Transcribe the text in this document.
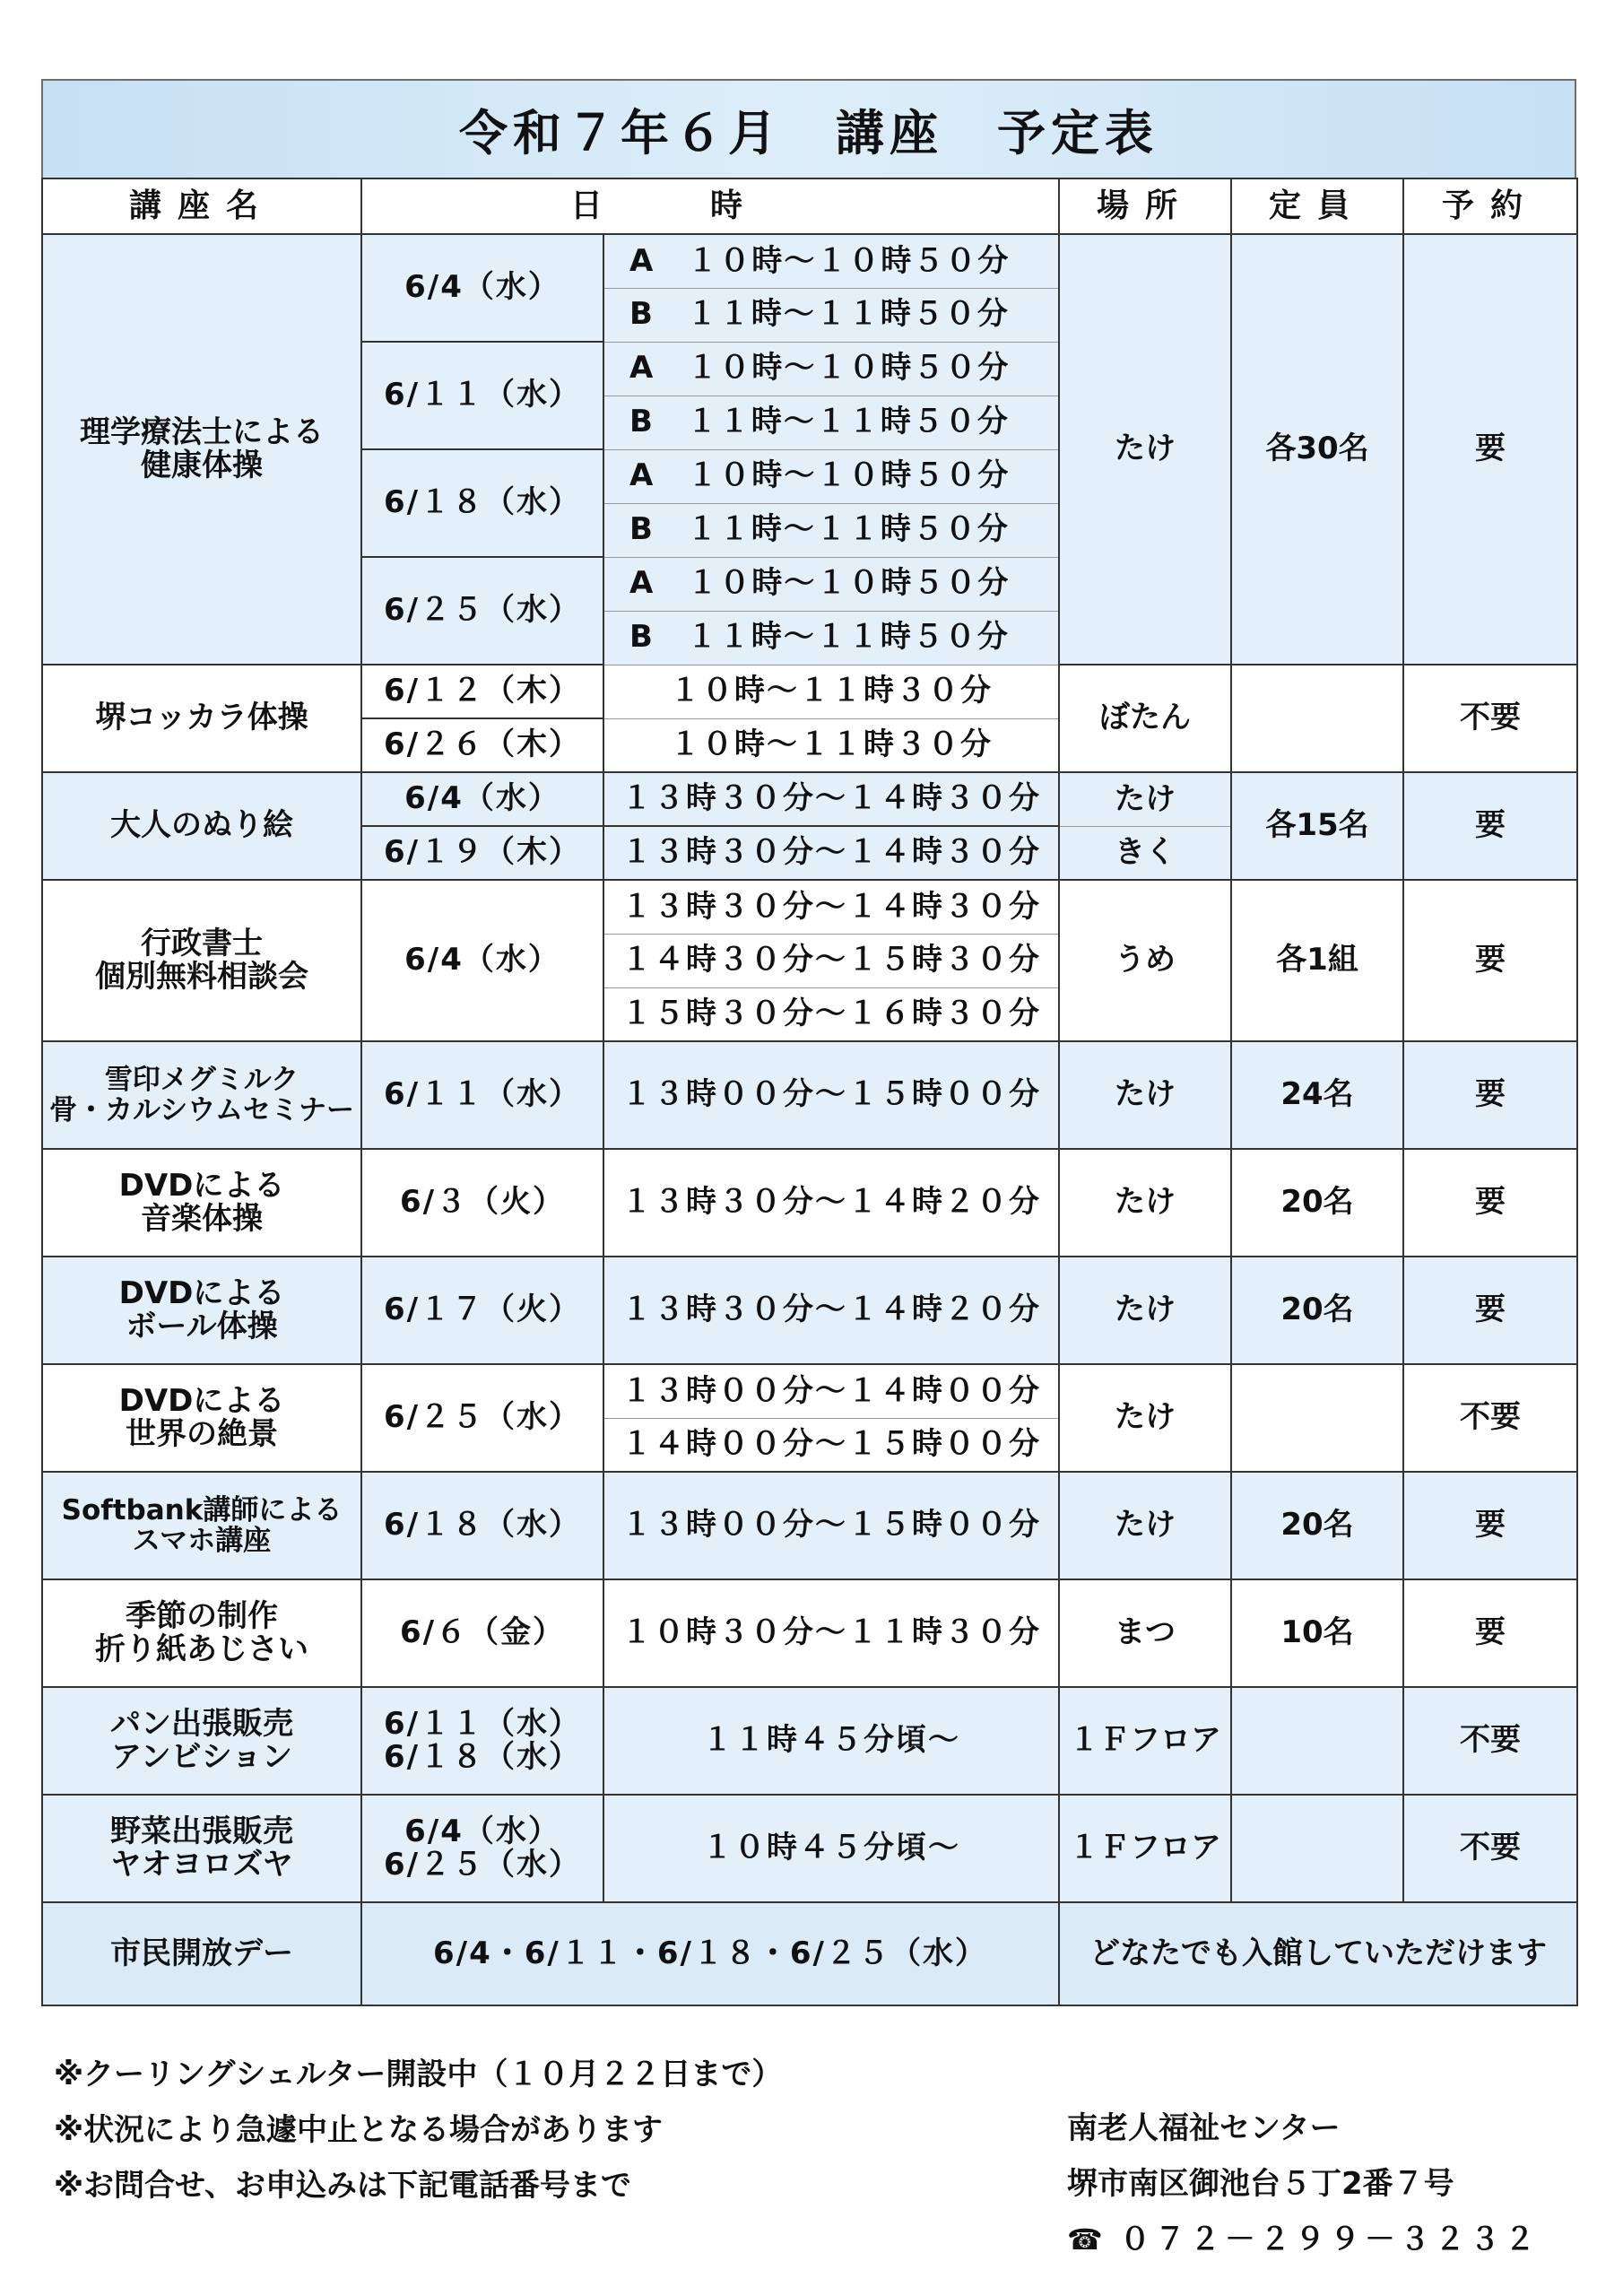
令和７年６月　講座　予定表
講座名	日時		場所	定員	予約

理学療法士による
健康体操	6/4（水）	A　１０時～１０時５０分	たけ	各30名	要
		B　１１時～１１時５０分			
	6/１１（水）	A　１０時～１０時５０分			
		B　１１時～１１時５０分			
	6/１８（水）	A　１０時～１０時５０分			
		B　１１時～１１時５０分			
	6/２５（水）	A　１０時～１０時５０分			
		B　１１時～１１時５０分			
堺コッカラ体操	6/１２（木）	１０時～１１時３０分	ぼたん		不要
	6/２６（木）	１０時～１１時３０分			
大人のぬり絵	6/4（水）	１３時３０分～１４時３０分	たけ	各15名	要
	6/１９（木）	１３時３０分～１４時３０分	きく		

行政書士
個別無料相談会	6/4（水）	１３時３０分～１４時３０分	うめ	各1組	要
		１４時３０分～１５時３０分			
		１５時３０分～１６時３０分			

雪印メグミルク
骨・カルシウムセミナー	6/１１（水）	１３時００分～１５時００分	たけ	24名	要

DVDによる
音楽体操	6/３（火）	１３時３０分～１４時２０分	たけ	20名	要

DVDによる
ボール体操	6/１７（火）	１３時３０分～１４時２０分	たけ	20名	要

DVDによる
世界の絶景	6/２５（水）	１３時００分～１４時００分	たけ		不要
		１４時００分～１５時００分			

Softbank講師による
スマホ講座	6/１８（水）	１３時００分～１５時００分	たけ	20名	要

季節の制作
折り紙あじさい	6/６（金）	１０時３０分～１１時３０分	まつ	10名	要

パン出張販売
アンビション	6/１１（水）
6/１８（水）	１１時４５分頃～	１Ｆフロア		不要

野菜出張販売
ヤオヨロズヤ	6/4（水）
6/２５（水）	１０時４５分頃～	１Ｆフロア		不要
市民開放デー	6/4・6/１１・6/１８・6/２５（水）		どなたでも入館していただけます		
※クーリングシェルター開設中（１０月２２日まで）
※状況により急遽中止となる場合があります
※お問合せ、お申込みは下記電話番号まで
南老人福祉センター
堺市南区御池台５丁2番７号
☎ ０７２－２９９－３２３２
